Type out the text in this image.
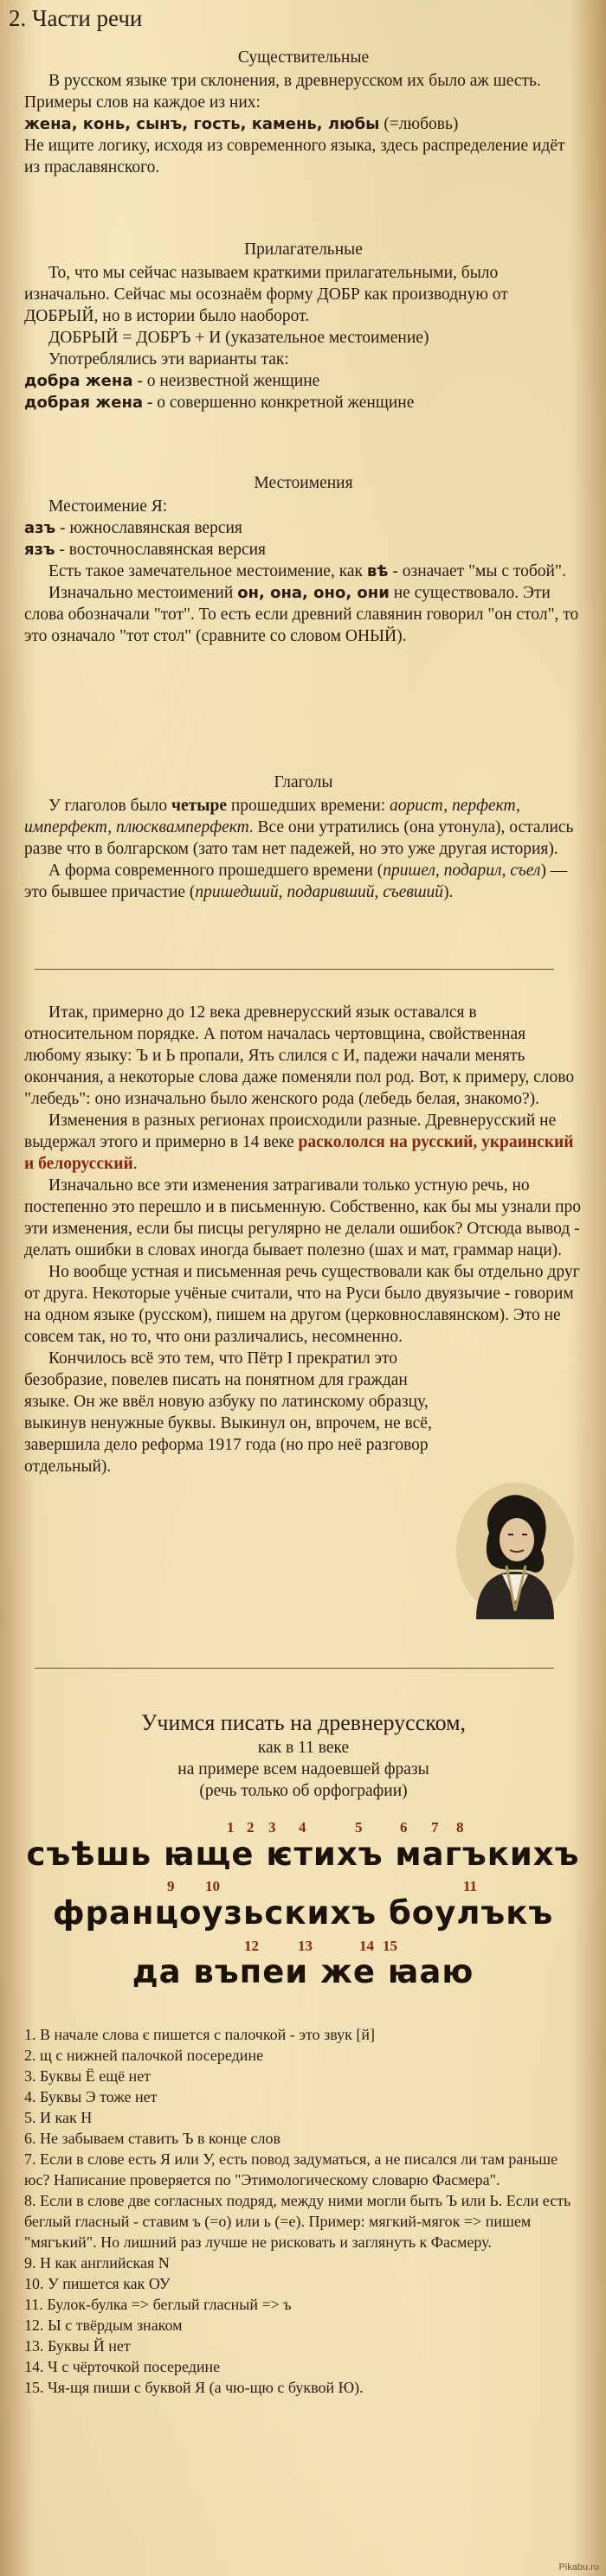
2. Части речи

Существительные

В русском языке три склонения, в древнерусском их было аж шесть. Примеры слов на каждое из них:

жена, конь, сынъ, гость, камень, любы (=любовь)

Не ищите логику, исходя из современного языка, здесь распределение идёт из праславянского.

Прилагательные

То, что мы сейчас называем краткими прилагательными, было изначально. Сейчас мы осознаём форму ДОБР как производную от ДОБРЫЙ, но в истории было наоборот.

ДОБРЫЙ = ДОБРЪ + И (указательное местоимение)

Употреблялись эти варианты так:

добра жена - о неизвестной женщине

добрая жена - о совершенно конкретной женщине

Местоимения

Местоимение Я:

азъ - южнославянская версия

язъ - восточнославянская версия

Есть такое замечательное местоимение, как вѣ - означает "мы с тобой".

Изначально местоимений он, она, оно, они не существовало. Эти слова обозначали "тот". То есть если древний славянин говорил "он стол", то это означало "тот стол" (сравните со словом ОНЫЙ).

Глаголы

У глаголов было четыре прошедших времени: аорист, перфект, имперфект, плюсквамперфект. Все они утратились (она утонула), остались разве что в болгарском (зато там нет падежей, но это уже другая история).

А форма современного прошедшего времени (пришел, подарил, съел) — это бывшее причастие (пришедший, подаривший, съевший).

Итак, примерно до 12 века древнерусский язык оставался в относительном порядке. А потом началась чертовщина, свойственная любому языку: Ъ и Ь пропали, Ять слился с И, падежи начали менять окончания, а некоторые слова даже поменяли пол род. Вот, к примеру, слово "лебедь": оно изначально было женского рода (лебедь белая, знакомо?).

Изменения в разных регионах происходили разные. Древнерусский не выдержал этого и примерно в 14 веке раскололся на русский, украинский и белорусский.

Изначально все эти изменения затрагивали только устную речь, но постепенно это перешло и в письменную. Собственно, как бы мы узнали про эти изменения, если бы писцы регулярно не делали ошибок? Отсюда вывод - делать ошибки в словах иногда бывает полезно (шах и мат, граммар наци).

Но вообще устная и письменная речь существовали как бы отдельно друг от друга. Некоторые учёные считали, что на Руси было двуязычие - говорим на одном языке (русском), пишем на другом (церковнославянском). Это не совсем так, но то, что они различались, несомненно.

Кончилось всё это тем, что Пётр I прекратил это безобразие, повелев писать на понятном для граждан языке. Он же ввёл новую азбуку по латинскому образцу, выкинув ненужные буквы. Выкинул он, впрочем, не всё, завершила дело реформа 1917 года (но про неё разговор отдельный).

Учимся писать на древнерусском,
как в 11 веке
на примере всем надоевшей фразы
(речь только об орфографии)
1 2 3 4	5	6 7 8
съѣшь ꙗще ѥтихъ магъкихъ
9 10	11
францоузьскихъ боулъкъ
12	13	14 15
да въпеи же ꙗаю
1. В начале слова є пишется с палочкой - это звук [й]
2. щ с нижней палочкой посередине
3. Буквы Ё ещё нет
4. Буквы Э тоже нет
5. И как Н
6. Не забываем ставить Ъ в конце слов
7. Если в слове есть Я или У, есть повод задуматься, а не писался ли там раньше юс? Написание проверяется по "Этимологическому словарю Фасмера".
8. Если в слове две согласных подряд, между ними могли быть Ъ или Ь. Если есть беглый гласный - ставим ъ (=о) или ь (=е). Пример: мягкий-мягок => пишем "мягъкий". Но лишний раз лучше не рисковать и заглянуть к Фасмеру.
9. Н как английская N
10. У пишется как ОУ
11. Булок-булка => беглый гласный => ъ
12. Ы с твёрдым знаком
13. Буквы Й нет
14. Ч с чёрточкой посередине
15. Чя-щя пиши с буквой Я (а чю-щю с буквой Ю).
Pikabu.ru
